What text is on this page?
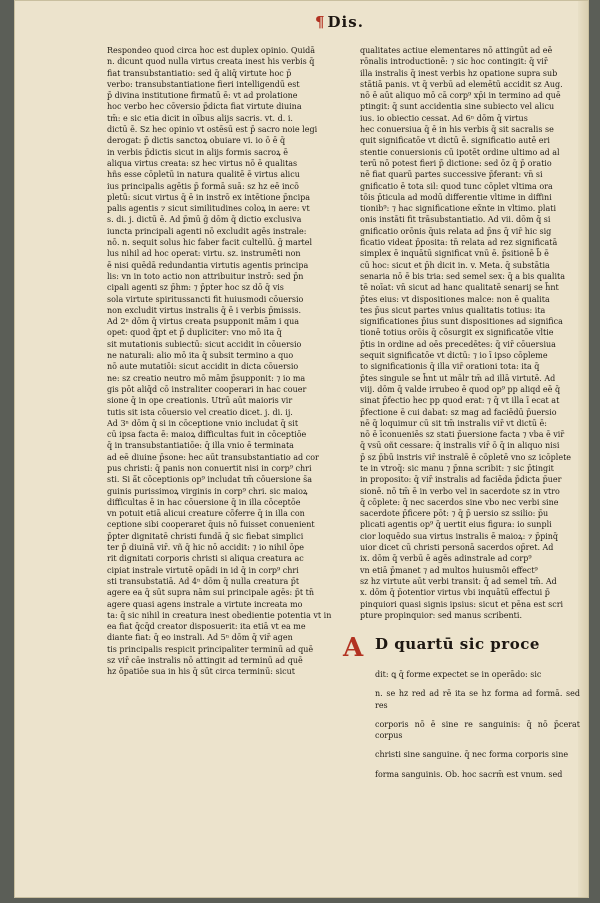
¶ Dis.

Respondeo quod circa hoc est duplex opinio. Quidā

n. dicunt quod nulla virtus creata inest his verbis q̄

fiat transubstantiatio: sed q̄ aliq̄ virtute hoc p̄

verbo: transubstantiatione fieri intelligendū est

p̄ divina institutione firmatū ē: vt ad prolatione

hoc verbo hec cōversio p̄dicta fiat virtute diuina

tm̄: e sic etia dicit in oībus alijs sacris. vt. d. i.

dictū ē. Sz hec opinio vt ostēsū est p̄ sacro noie legi

derogat: p̄ dictis sanctoꝝ obuiare vi. io ō ē q̄

in verbis p̄dictis sicut in alijs formis sacroꝝ ē

aliqua virtus creata: sz hec virtus nō ē qualitas

hñs esse cōpletū in natura qualitē ē virtus alicu

ius principalis agētis p̄ formā suā: sz hz eē incō

pletū: sicut virtus q̄ ē in instrō ex intētione p̄ncipa

palis agentis ⁊ sicut similitudines coloꝝ in aere: vt

s. di. j. dictū ē. Ad p̄mū ḡ dōm q̄ dictio exclusiva

iuncta principali agenti nō excludit agēs instrale:

nō. n. sequit solus hic faber facit cultellū. ḡ martel

lus nihil ad hoc operat: virtu. sz. instrumēti non

ē nisi quēdā redundantia virtutis agentis principa

lis: vn in toto actio non attribuitur instrō: sed p̄n

cipali agenti sz p̄hm: ⁊ p̄pter hoc sz dō q̄ vis

sola virtute spiritussancti fit huiusmodi cōuersio

non excludit virtus instralis q̄ ē i verbis p̄missis.

Ad 2ⁿ dōm q̄ virtus creata psupponit mām i qua

opet: quod q̄pt et p̄ dupliciter: vno mō ita q̄

sit mutationis subiectū: sicut accidit in cōuersio

ne naturali: alio mō ita q̄ subsit termino a quo

nō aute mutatiōi: sicut accidit in dicta cōuersio

ne: sz creatio neutro mō mām p̄supponit: ⁊ io ma

gis pōt aliq̄d cō instraliter cooperari in hac couer

sione q̄ in ope creationis. Utrū aūt maioris vir

tutis sit ista cōuersio vel creatio dicet. j. di. ij.

Ad 3ⁿ dōm q̄ si in cōceptione vnio includat q̄ sit

cū ipsa facta ē: maioꝝ difficultas fuit in cōceptiōe

q̄ in transubstantiatiōe: q̄ illa vnio ē terminata

ad eē diuine p̄sone: hec aūt transubstantiatio ad cor

pus christi: q̄ panis non conuertit nisi in corp⁹ chri

sti. Si ā̄t cōceptionis op⁹ includat tm̄ cōuersione s̄a

guinis purissimoꝝ virginis in corp⁹ chri. sic maioꝝ

difficultas ē in hac cōuersione q̄ in illa cōceptōe

vn potuit etiā alicui creature cōferre q̄ in illa con

ceptione sibi cooperaret q̄uis nō fuisset conuenient

p̄pter dignitatē christi fundā q̄ sic fiebat simplici

ter p̄ diuinā vir̄. vñ q̄ hic nō accidit: ⁊ io nihil ōpe

rit dignitati corporis christi si aliqua creatura ac

cipiat instrale virtutē opādi in id q̄ in corp⁹ chri

sti transubstatiā. Ad 4ⁿ dōm q̄ nulla creatura p̄t

agere ea q̄ sūt supra nām sui principale agēs: p̄t tn̄

agere quasi agens instrale a virtute increata mo

ta: q̄ sic nihil in creatura inest obedientie potentia vt in

ea fiat q̄cq̄d creator disposuerit: ita etiā vt ea me

diante fiat: q̄ eo instrali. Ad 5ⁿ dōm q̄ vir̄ agen

tis principalis respicit principaliter terminū ad quē

sz vir̄ cāe instralis nō attingit ad terminū ad quē

hz ōpatiōe sua in his q̄ sūt circa terminū: sicut

qualitates actiue elementares nō attingūt ad eē

rōnalis introductionē: ⁊ sic hoc contingit: q̄ vir̄

illa instralis q̄ inest verbis hz opatione supra sub

stātiā panis. vt q̄ verbū ad elemētū accidit sz Aug.

nō ē aūt aliquo mō cā corp⁹ xp̄i in termino ad quē

ptingit: q̄ sunt accidentia sine subiecto vel alicu

ius. io obiectio cessat. Ad 6ⁿ dōm q̄ virtus

hec conuersiua q̄ ē in his verbis q̄ sit sacralis se

quit significatōe vt dictū ē. significatio autē eri

stentie conuersionis cū ipotēt ordine ultimo ad al

terū nō potest fieri p̄ dictione: sed ōz q̄ p̄ oratio

nē fiat quarū partes successive p̄ferant: vn̄ si

gnificatio ē tota sil: quod tunc cōplet vltima ora

tōis p̄ticula ad modū differentie vltime in diffini

tionib⁹: ⁊ hac significatione ex̄nte in vltimo. plati

onis instāti fit trāsubstantiatio. Ad vii. dōm q̄ si

gnificatio orōnis q̄uis relata ad p̄ns q̄ vir̄ hic sig

ficatio videat p̄posita: tn̄ relata ad rez significatā

simplex ē inquātū significat vnū ē. p̄sitionē b̄ ē

cū hoc: sicut et p̄h dicit in. v. Meta. q̄ substātia

senaria nō ē bis tria: sed semel sex: q̄ a bis qualita

tē noīat: vn̄ sicut ad hanc qualitatē senarij se h̄nt

p̄tes eius: vt dispositiones malce: non ē qualita

tes p̄us sicut partes vnius qualitatis totius: ita

significationes p̄ius sunt dispositiones ad significa

tionē totius orōis q̄ cōsurgit ex significatōe vltie

p̄tis in ordine ad oēs precedētes: q̄ vir̄ cōuersiua

sequit significatōe vt dictū: ⁊ io ī ipso cōpleme

to significationis q̄ illa vir̄ orationi tota: ita q̄

p̄tes singule se h̄nt ut mālr tm̄ ad illā virtutē. Ad

viij. dōm q̄ valde irrubeo ē quod op⁹ pp aliqd eē q̄

sinat p̄fectio hec pp quod erat: ⁊ q̄ vt illa ī ecat at

p̄fectione ē cui dabat: sz mag ad faciēdū p̄uersio

nē q̄ loquimur cū sit tm̄ instralis vir̄ vt dictū ē:

nō ē īconueniēs sz stati p̄uersione facta ⁊ vba ē vir̄

q̄ vsū oñt cessare: q̄ instralis vir̄ ō q̄ in aliquo nisi

p̄ sz p̄bū instris vir̄ instralē ē cōpletē vno sz icōplete

te in vtroq̄: sic manu ⁊ p̄nna scribit: ⁊ sic p̄tingit

in proposito: q̄ vir̄ instralis ad faciēda p̄dicta p̄uer

sionē. nō tm̄ ē in verbo vel in sacerdote sz in vtro

q̄ cōplete: q̄ nec sacerdos sine vbo nec verbi sine

sacerdote p̄ficere pōt: ⁊ q̄ p̄ uersio sz ssilio: p̄u

plicati agentis op⁹ q̄ uertit eius figura: io sunpli

cior loquēdo sua virtus instralis ē maioꝝ: ⁊ p̄pinq̄

uior dicet cū christi personā sacerdos op̄ret. Ad

ix. dōm q̄ verbū ē agēs adinstrale ad corp⁹

vn etiā p̄manet ⁊ ad multos huiusmōi effect⁹

sz hz virtute aūt verbi transit: q̄ ad semel tm̄. Ad

x. dōm q̄ p̄otentior virtus vbi inquātū effectui p̄

pinquiori quasi signis ipsius: sicut et pēna est scri

pture propinquior: sed manus scribenti.

A D quartū sic proce

dit: ꝗ q̄ forme expectet se in operādo: sic

n. se hz red ad rē ita se hz forma ad formā. sed res

corporis nō ē sine re sanguinis: q̄ nō p̄cerat corpus

christi sine sanguine. q̄ nec forma corporis sine

forma sanguinis. Ob. hoc sacrm̄ est vnum. sed
